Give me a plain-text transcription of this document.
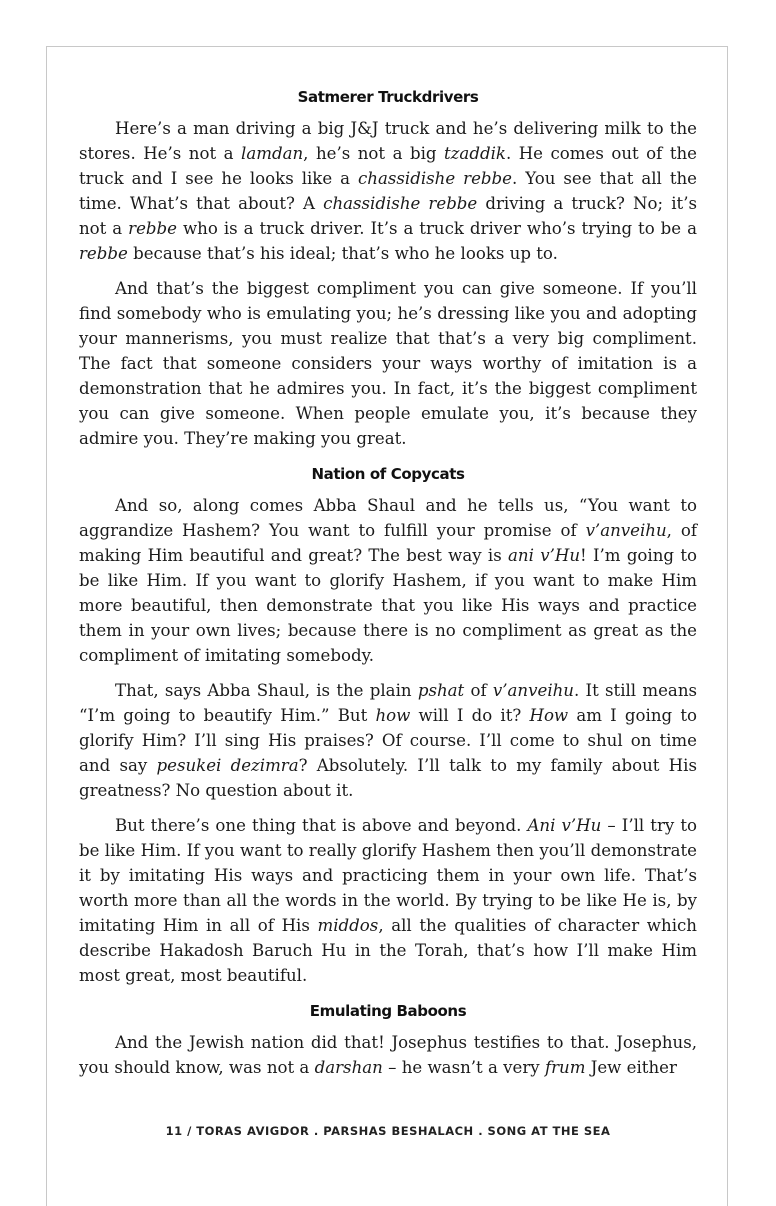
Satmerer Truckdrivers

Here’s a man driving a big J&J truck and he’s delivering milk to the stores. He’s not a lamdan, he’s not a big tzaddik. He comes out of the truck and I see he looks like a chassidishe rebbe. You see that all the time. What’s that about? A chassidishe rebbe driving a truck? No; it’s not a rebbe who is a truck driver. It’s a truck driver who’s trying to be a rebbe because that’s his ideal; that’s who he looks up to.

And that’s the biggest compliment you can give someone. If you’ll find somebody who is emulating you; he’s dressing like you and adopting your mannerisms, you must realize that that’s a very big compliment. The fact that someone considers your ways worthy of imitation is a demonstration that he admires you. In fact, it’s the biggest compliment you can give someone. When people emulate you, it’s because they admire you. They’re making you great.

Nation of Copycats

And so, along comes Abba Shaul and he tells us, “You want to aggrandize Hashem? You want to fulfill your promise of v’anveihu, of making Him beautiful and great? The best way is ani v’Hu! I’m going to be like Him. If you want to glorify Hashem, if you want to make Him more beautiful, then demonstrate that you like His ways and practice them in your own lives; because there is no compliment as great as the compliment of imitating somebody.

That, says Abba Shaul, is the plain pshat of v’anveihu. It still means “I’m going to beautify Him.” But how will I do it? How am I going to glorify Him? I’ll sing His praises? Of course. I’ll come to shul on time and say pesukei dezimra? Absolutely. I’ll talk to my family about His greatness? No question about it.

But there’s one thing that is above and beyond. Ani v’Hu – I’ll try to be like Him. If you want to really glorify Hashem then you’ll demonstrate it by imitating His ways and practicing them in your own life. That’s worth more than all the words in the world. By trying to be like He is, by imitating Him in all of His middos, all the qualities of character which describe Hakadosh Baruch Hu in the Torah, that’s how I’ll make Him most great, most beautiful.

Emulating Baboons

And the Jewish nation did that! Josephus testifies to that. Josephus, you should know, was not a darshan – he wasn’t a very frum Jew either

11 / TORAS AVIGDOR . PARSHAS BESHALACH . SONG AT THE SEA
